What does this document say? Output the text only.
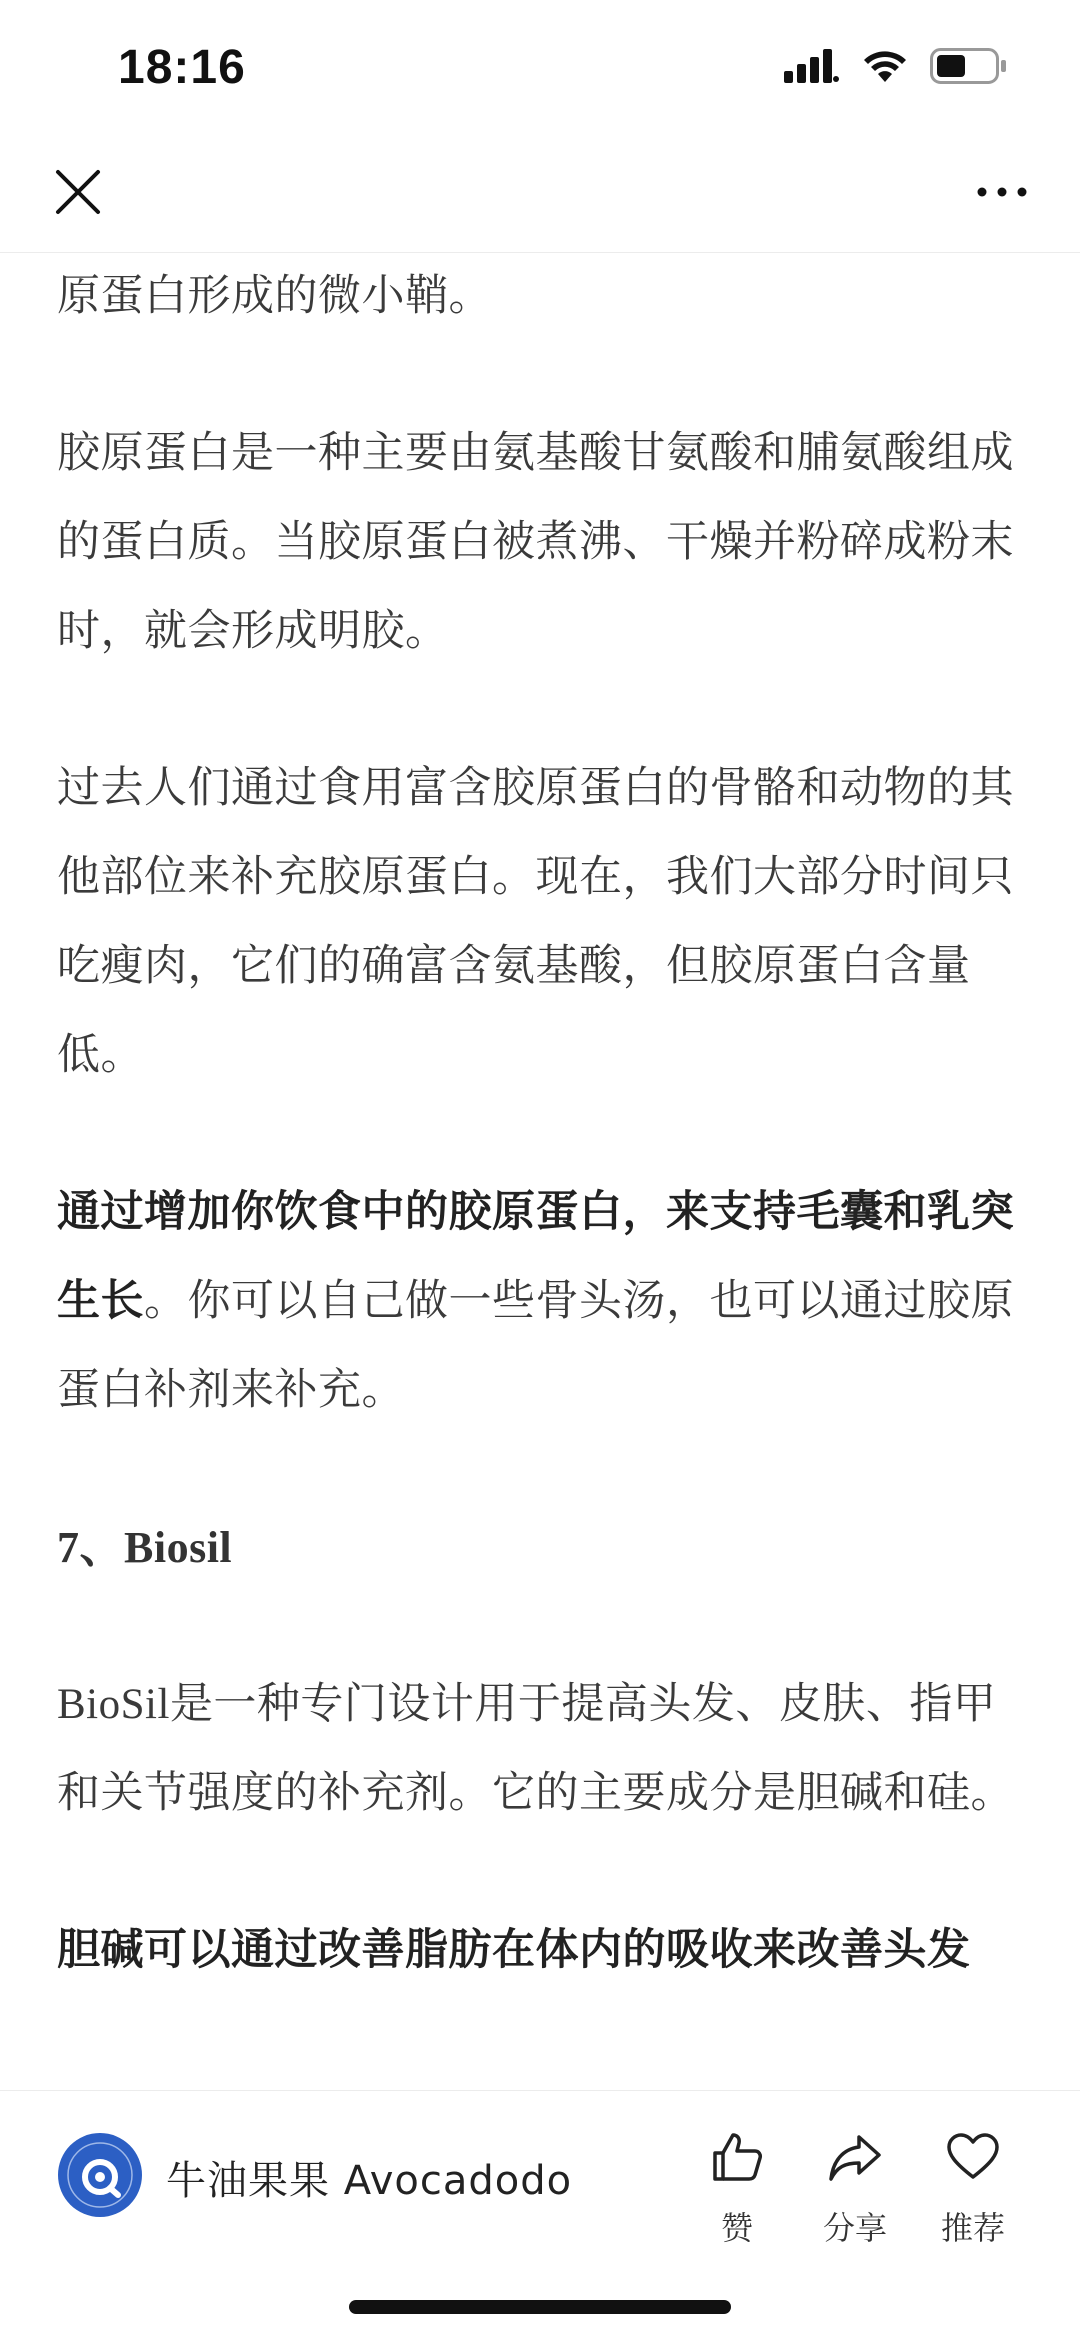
18:16

原蛋白形成的微小鞘。

胶原蛋白是一种主要由氨基酸甘氨酸和脯氨酸组成的蛋白质。当胶原蛋白被煮沸、干燥并粉碎成粉末时，就会形成明胶。

过去人们通过食用富含胶原蛋白的骨骼和动物的其他部位来补充胶原蛋白。现在，我们大部分时间只吃瘦肉，它们的确富含氨基酸，但胶原蛋白含量低。

通过增加你饮食中的胶原蛋白，来支持毛囊和乳突生长。你可以自己做一些骨头汤，也可以通过胶原蛋白补剂来补充。

7、Biosil

BioSil是一种专门设计用于提高头发、皮肤、指甲和关节强度的补充剂。它的主要成分是胆碱和硅。

胆碱可以通过改善脂肪在体内的吸收来改善头发

牛油果果 Avocadodo
赞	分享	推荐
